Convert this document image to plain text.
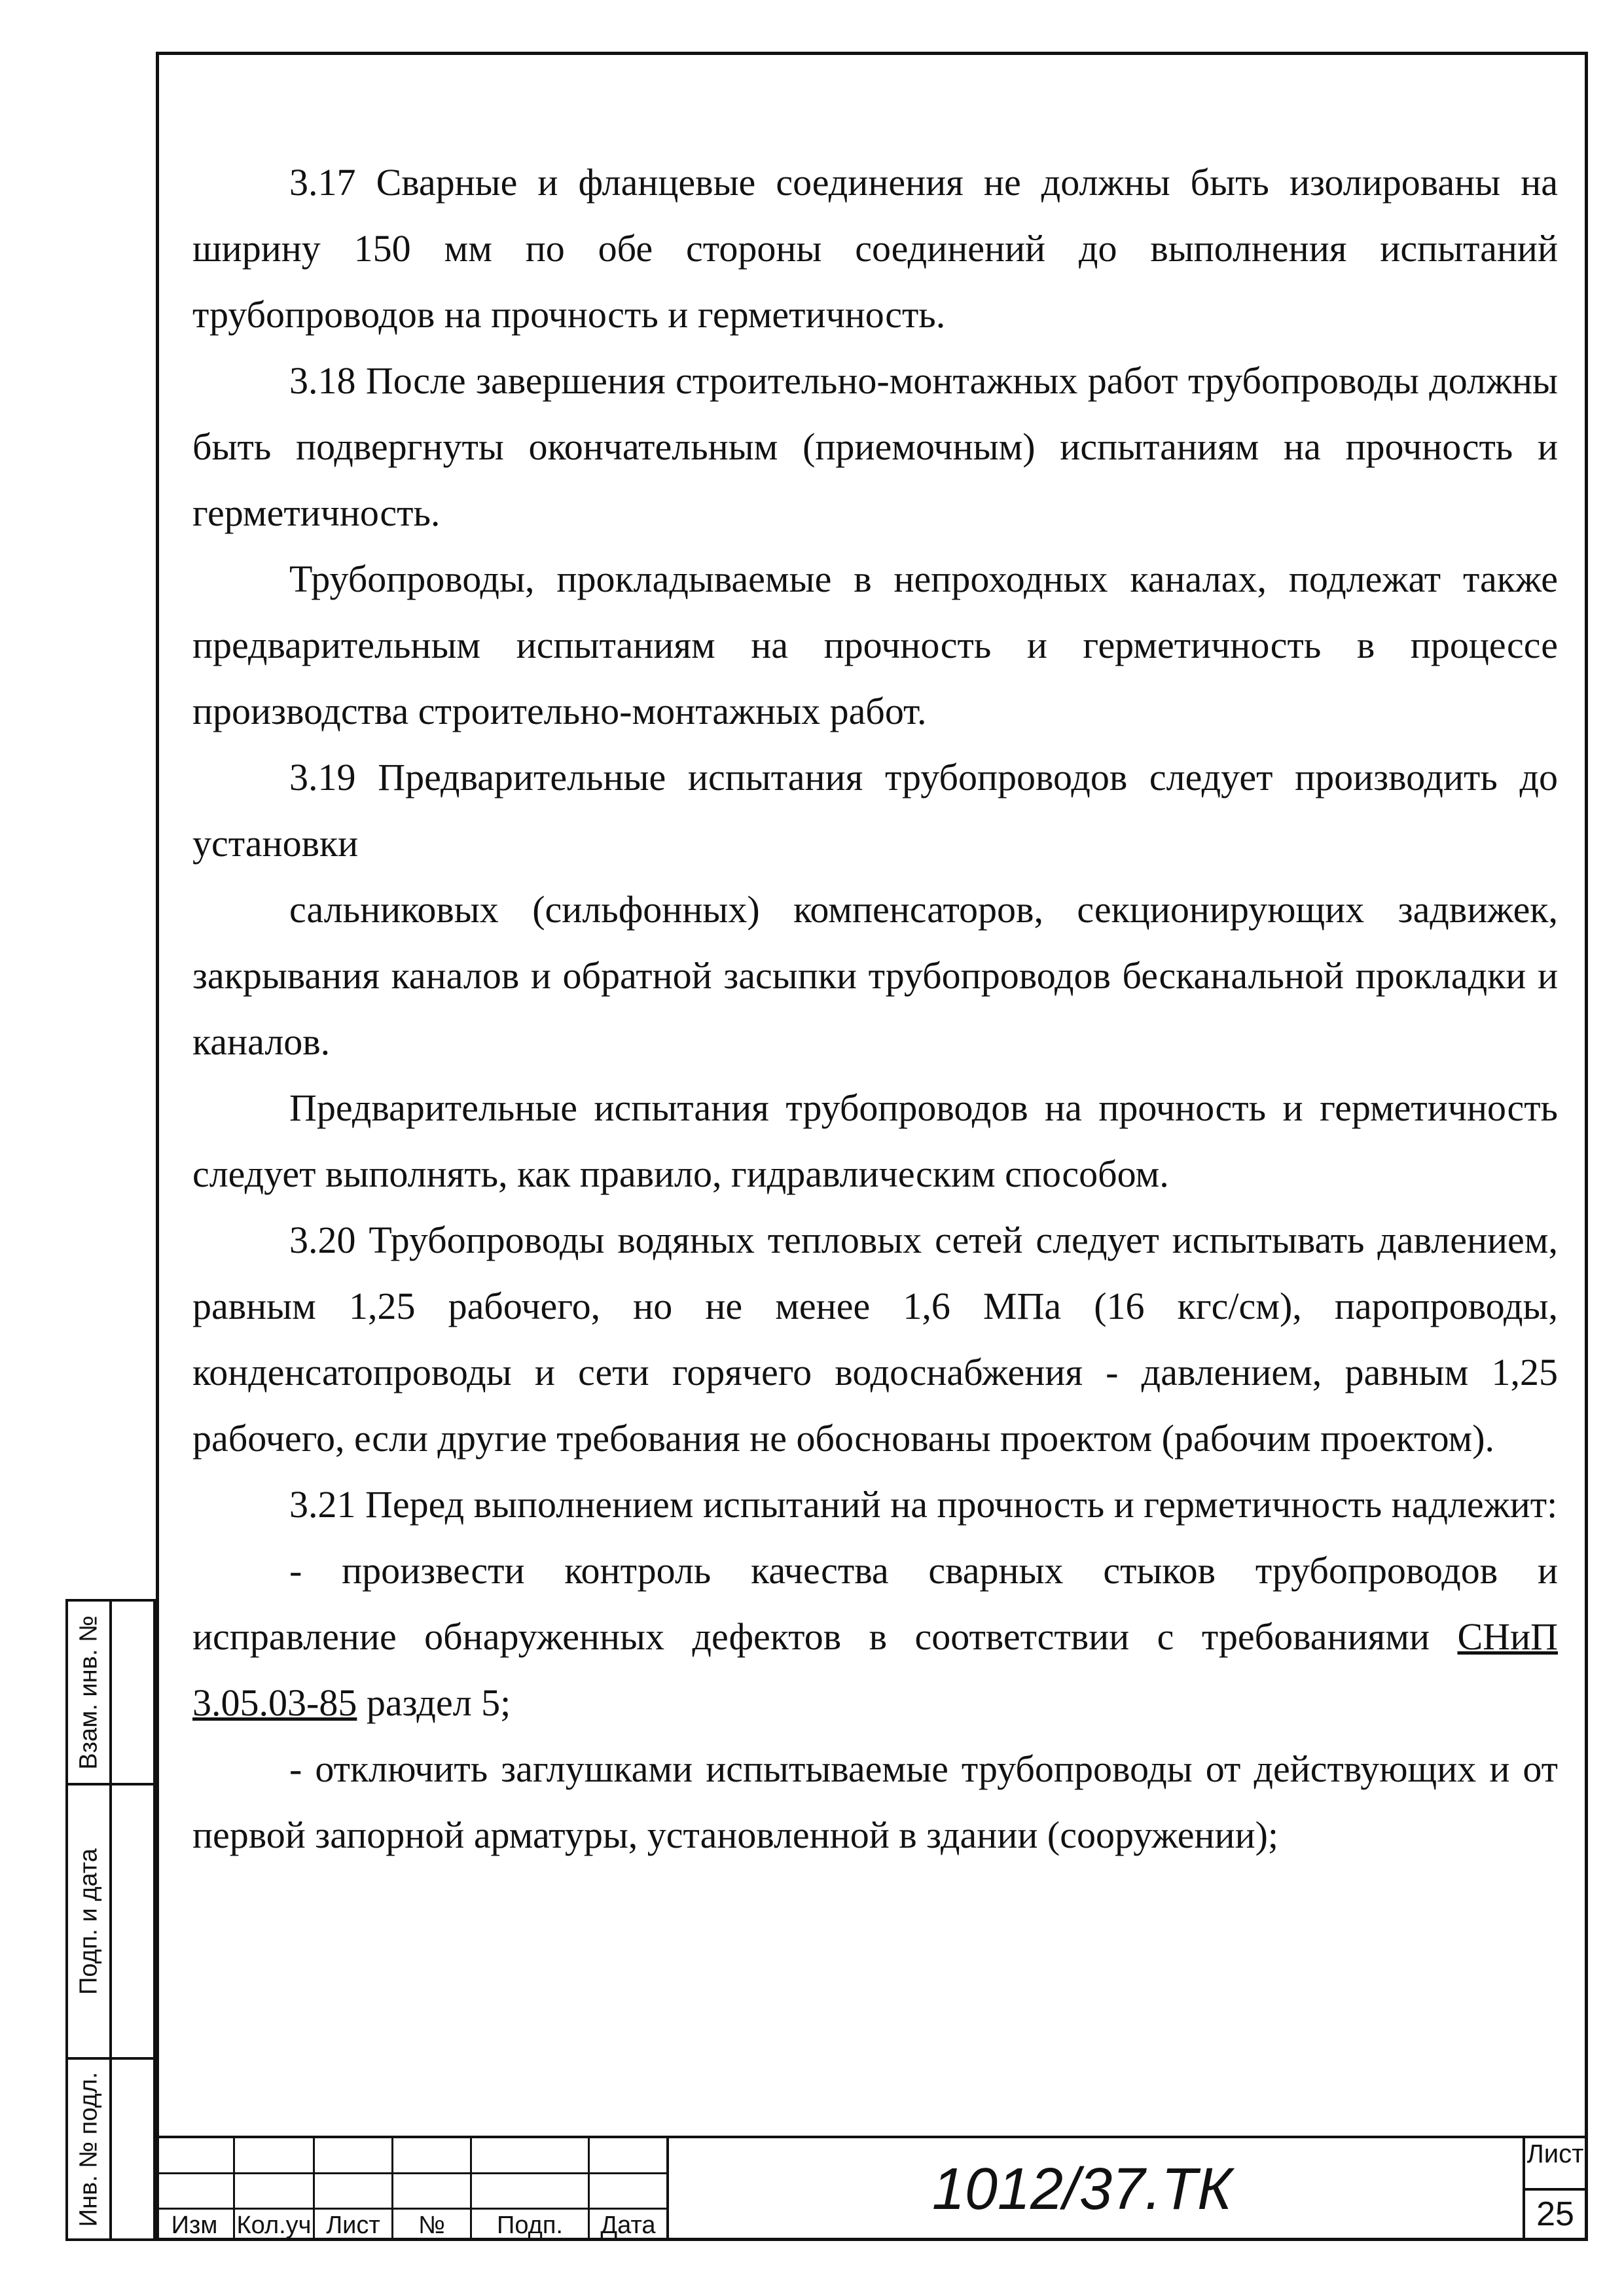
3.17 Сварные и фланцевые соединения не должны быть изолированы на ширину 150 мм по обе стороны соединений до выполнения испытаний трубопроводов на прочность и герметичность.

3.18 После завершения строительно-монтажных работ трубопроводы должны быть подвергнуты окончательным (приемочным) испытаниям на прочность и герметичность.

Трубопроводы, прокладываемые в непроходных каналах, подлежат также предварительным испытаниям на прочность и герметичность в процессе производства строительно-монтажных работ.

3.19 Предварительные испытания трубопроводов следует производить до установки

сальниковых (сильфонных) компенсаторов, секционирующих задвижек, закрывания каналов и обратной засыпки трубопроводов бесканальной прокладки и каналов.

Предварительные испытания трубопроводов на прочность и герметичность следует выполнять, как правило, гидравлическим способом.

3.20 Трубопроводы водяных тепловых сетей следует испытывать давлением, равным 1,25 рабочего, но не менее 1,6 МПа (16 кгс/см), паропроводы, конденсатопроводы и сети горячего водоснабжения - давлением, равным 1,25 рабочего, если другие требования не обоснованы проектом (рабочим проектом).

3.21 Перед выполнением испытаний на прочность и герметичность надлежит:

- произвести контроль качества сварных стыков трубопроводов и исправление обнаруженных дефектов в соответствии с требованиями СНиП 3.05.03-85 раздел 5;

- отключить заглушками испытываемые трубопроводы от действующих и от первой запорной арматуры, установленной в здании (сооружении);

Взам. инв. №
Подп. и дата
Инв. № подл.	Изм Кол.уч Лист	№	Подп.	Дата
1012/37.ТК
Лист
25
